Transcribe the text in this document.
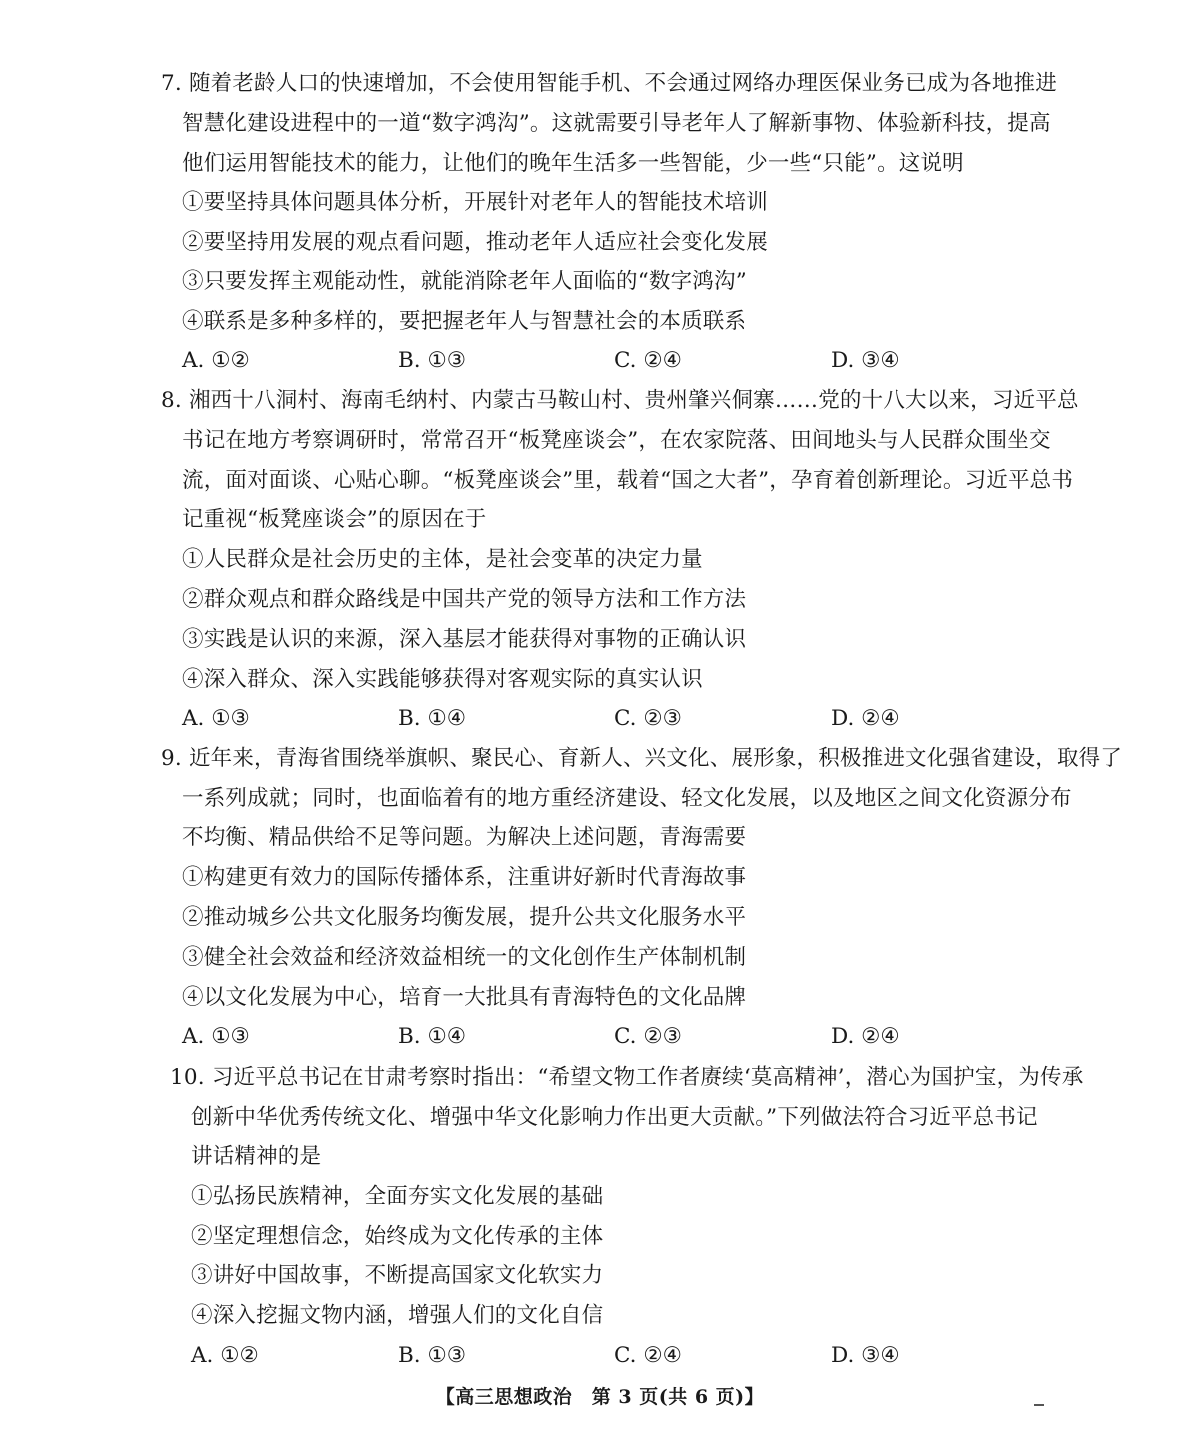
7. 随着老龄人口的快速增加，不会使用智能手机、不会通过网络办理医保业务已成为各地推进
智慧化建设进程中的一道“数字鸿沟”。这就需要引导老年人了解新事物、体验新科技，提高
他们运用智能技术的能力，让他们的晚年生活多一些智能，少一些“只能”。这说明
①要坚持具体问题具体分析，开展针对老年人的智能技术培训
②要坚持用发展的观点看问题，推动老年人适应社会变化发展
③只要发挥主观能动性，就能消除老年人面临的“数字鸿沟”
④联系是多种多样的，要把握老年人与智慧社会的本质联系
A. ①②	B. ①③	C. ②④	D. ③④
8. 湘西十八洞村、海南毛纳村、内蒙古马鞍山村、贵州肇兴侗寨……党的十八大以来，习近平总
书记在地方考察调研时，常常召开“板凳座谈会”，在农家院落、田间地头与人民群众围坐交
流，面对面谈、心贴心聊。“板凳座谈会”里，载着“国之大者”，孕育着创新理论。习近平总书
记重视“板凳座谈会”的原因在于
①人民群众是社会历史的主体，是社会变革的决定力量
②群众观点和群众路线是中国共产党的领导方法和工作方法
③实践是认识的来源，深入基层才能获得对事物的正确认识
④深入群众、深入实践能够获得对客观实际的真实认识
A. ①③	B. ①④	C. ②③	D. ②④
9. 近年来，青海省围绕举旗帜、聚民心、育新人、兴文化、展形象，积极推进文化强省建设，取得了
一系列成就；同时，也面临着有的地方重经济建设、轻文化发展，以及地区之间文化资源分布
不均衡、精品供给不足等问题。为解决上述问题，青海需要
①构建更有效力的国际传播体系，注重讲好新时代青海故事
②推动城乡公共文化服务均衡发展，提升公共文化服务水平
③健全社会效益和经济效益相统一的文化创作生产体制机制
④以文化发展为中心，培育一大批具有青海特色的文化品牌
A. ①③	B. ①④	C. ②③	D. ②④
10. 习近平总书记在甘肃考察时指出：“希望文物工作者赓续‘莫高精神’，潜心为国护宝，为传承
创新中华优秀传统文化、增强中华文化影响力作出更大贡献。”下列做法符合习近平总书记
讲话精神的是
①弘扬民族精神，全面夯实文化发展的基础
②坚定理想信念，始终成为文化传承的主体
③讲好中国故事，不断提高国家文化软实力
④深入挖掘文物内涵，增强人们的文化自信
A. ①②	B. ①③	C. ②④	D. ③④
【高三思想政治　第 3 页(共 6 页)】
